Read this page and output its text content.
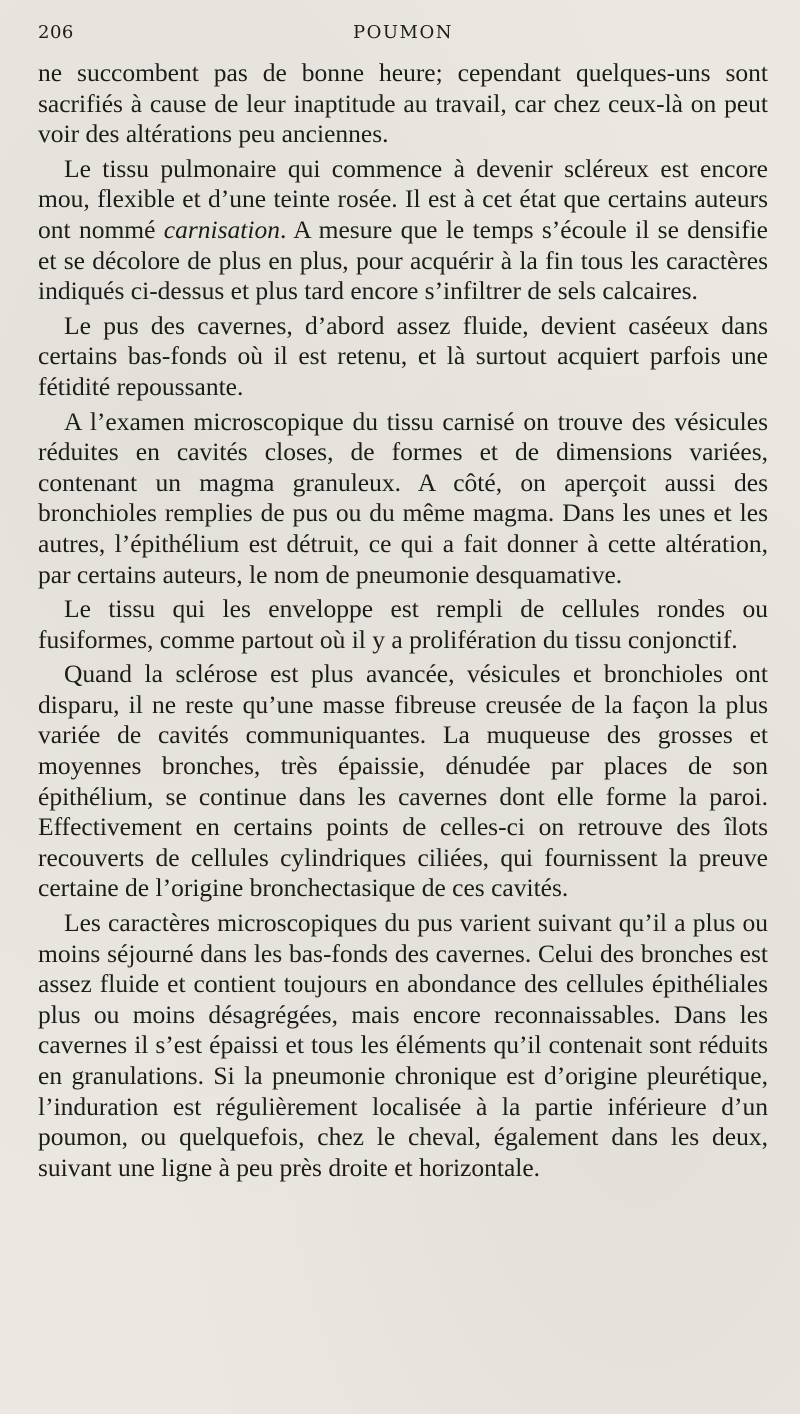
206	POUMON

ne succombent pas de bonne heure; cependant quelques-uns sont sacrifiés à cause de leur inaptitude au travail, car chez ceux-là on peut voir des altérations peu anciennes.

Le tissu pulmonaire qui commence à devenir scléreux est encore mou, flexible et d’une teinte rosée. Il est à cet état que certains auteurs ont nommé carnisation. A mesure que le temps s’écoule il se densifie et se décolore de plus en plus, pour acquérir à la fin tous les caractères indiqués ci-dessus et plus tard encore s’infiltrer de sels calcaires.

Le pus des cavernes, d’abord assez fluide, devient caséeux dans certains bas-fonds où il est retenu, et là surtout acquiert parfois une fétidité repoussante.

A l’examen microscopique du tissu carnisé on trouve des vésicules réduites en cavités closes, de formes et de dimensions variées, contenant un magma granuleux. A côté, on aperçoit aussi des bronchioles remplies de pus ou du même magma. Dans les unes et les autres, l’épithélium est détruit, ce qui a fait donner à cette altération, par certains auteurs, le nom de pneumonie desquamative.

Le tissu qui les enveloppe est rempli de cellules rondes ou fusiformes, comme partout où il y a prolifération du tissu conjonctif.

Quand la sclérose est plus avancée, vésicules et bronchioles ont disparu, il ne reste qu’une masse fibreuse creusée de la façon la plus variée de cavités communiquantes. La muqueuse des grosses et moyennes bronches, très épaissie, dénudée par places de son épithélium, se continue dans les cavernes dont elle forme la paroi. Effectivement en certains points de celles-ci on retrouve des îlots recouverts de cellules cylindriques ciliées, qui fournissent la preuve certaine de l’origine bronchectasique de ces cavités.

Les caractères microscopiques du pus varient suivant qu’il a plus ou moins séjourné dans les bas-fonds des cavernes. Celui des bronches est assez fluide et contient toujours en abondance des cellules épithéliales plus ou moins désagrégées, mais encore reconnaissables. Dans les cavernes il s’est épaissi et tous les éléments qu’il contenait sont réduits en granulations. Si la pneumonie chronique est d’origine pleurétique, l’induration est régulièrement localisée à la partie inférieure d’un poumon, ou quelquefois, chez le cheval, également dans les deux, suivant une ligne à peu près droite et horizontale.
